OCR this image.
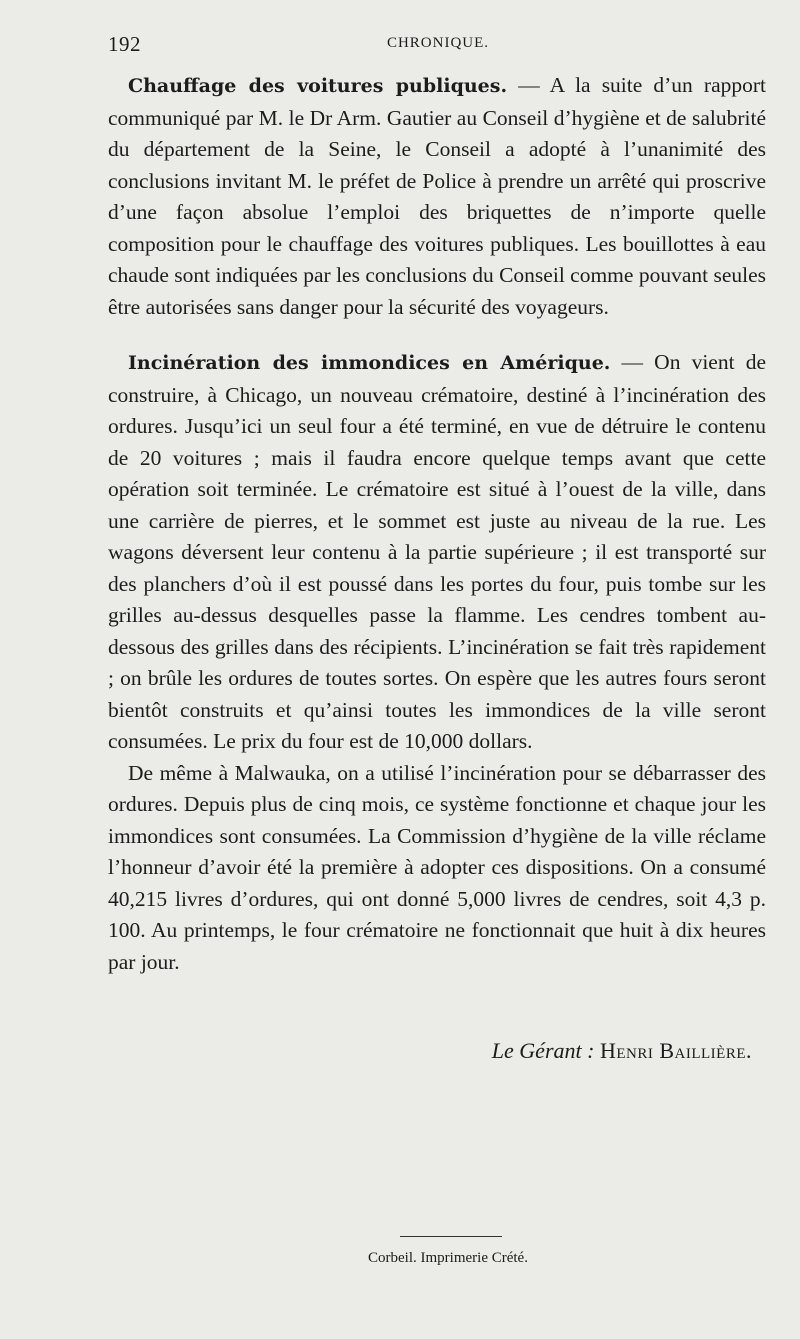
192	CHRONIQUE.

Chauffage des voitures publiques. — A la suite d’un rapport communiqué par M. le Dr Arm. Gautier au Conseil d’hygiène et de salubrité du département de la Seine, le Conseil a adopté à l’unanimité des conclusions invitant M. le préfet de Police à prendre un arrêté qui proscrive d’une façon absolue l’emploi des briquettes de n’importe quelle composition pour le chauffage des voitures publiques. Les bouillottes à eau chaude sont indiquées par les conclusions du Conseil comme pouvant seules être autorisées sans danger pour la sécurité des voyageurs.

Incinération des immondices en Amérique. — On vient de construire, à Chicago, un nouveau crématoire, destiné à l’incinération des ordures. Jusqu’ici un seul four a été terminé, en vue de détruire le contenu de 20 voitures ; mais il faudra encore quelque temps avant que cette opération soit terminée. Le crématoire est situé à l’ouest de la ville, dans une carrière de pierres, et le sommet est juste au niveau de la rue. Les wagons déversent leur contenu à la partie supérieure ; il est transporté sur des planchers d’où il est poussé dans les portes du four, puis tombe sur les grilles au-dessus desquelles passe la flamme. Les cendres tombent au-dessous des grilles dans des récipients. L’incinération se fait très rapidement ; on brûle les ordures de toutes sortes. On espère que les autres fours seront bientôt construits et qu’ainsi toutes les immondices de la ville seront consumées. Le prix du four est de 10,000 dollars.

De même à Malwauka, on a utilisé l’incinération pour se débarrasser des ordures. Depuis plus de cinq mois, ce système fonctionne et chaque jour les immondices sont consumées. La Commission d’hygiène de la ville réclame l’honneur d’avoir été la première à adopter ces dispositions. On a consumé 40,215 livres d’ordures, qui ont donné 5,000 livres de cendres, soit 4,3 p. 100. Au printemps, le four crématoire ne fonctionnait que huit à dix heures par jour.

Le Gérant : Henri Baillière.
Corbeil. Imprimerie Crété.
